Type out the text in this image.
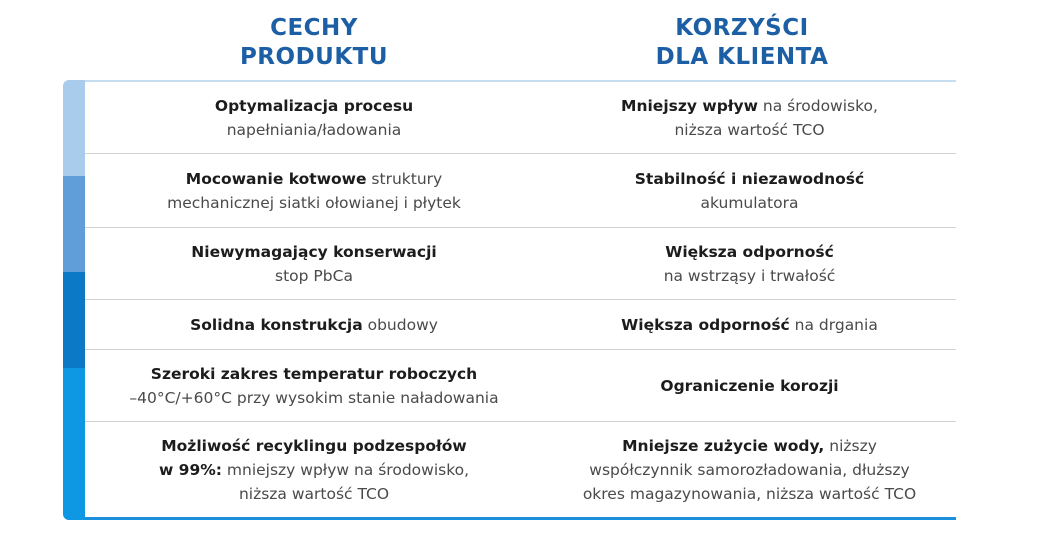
CECHY
PRODUKTU
KORZYŚCI
DLA KLIENTA
Optymalizacja procesu
napełniania/ładowania
Mniejszy wpływ na środowisko,
niższa wartość TCO
Mocowanie kotwowe struktury
mechanicznej siatki ołowianej i płytek
Stabilność i niezawodność
akumulatora
Niewymagający konserwacji
stop PbCa
Większa odporność
na wstrząsy i trwałość
Solidna konstrukcja obudowy	Większa odporność na drgania
Szeroki zakres temperatur roboczych
–40°C/+60°C przy wysokim stanie naładowania
Ograniczenie korozji
Możliwość recyklingu podzespołów
w 99%: mniejszy wpływ na środowisko,
niższa wartość TCO
Mniejsze zużycie wody, niższy
współczynnik samorozładowania, dłuższy
okres magazynowania, niższa wartość TCO
